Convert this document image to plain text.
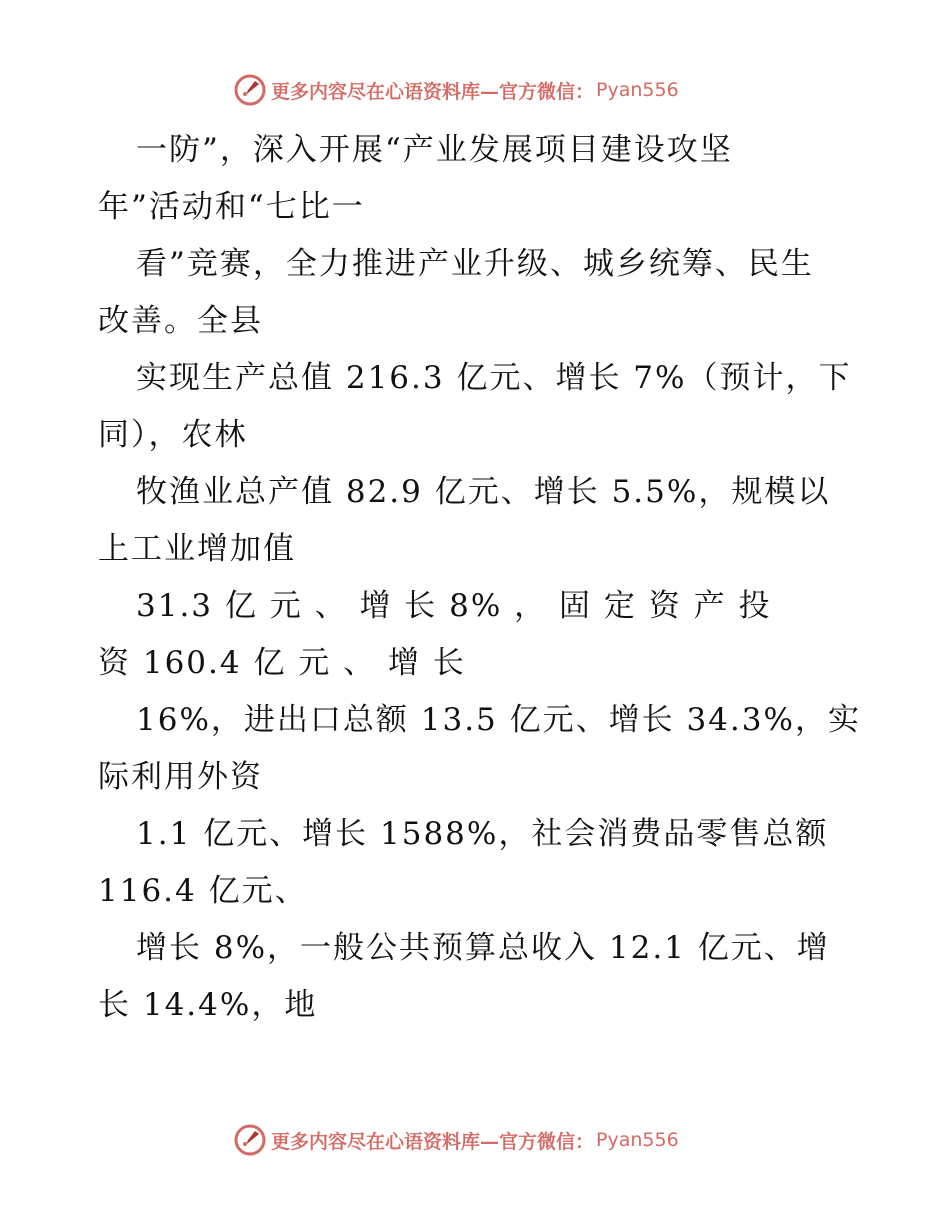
更多内容尽在心语资料库—官方微信： Pyan556
一防”，深入开展“产业发展项目建设攻坚
年”活动和“七比一
看”竞赛，全力推进产业升级、城乡统筹、民生
改善。全县
实现生产总值 216.3 亿元、增长 7%（预计，下
同），农林
牧渔业总产值 82.9 亿元、增长 5.5%，规模以
上工业增加值
31.3 亿 元 、 增 长 8% ， 固 定 资 产 投
资 160.4 亿 元 、 增 长
16%，进出口总额 13.5 亿元、增长 34.3%，实
际利用外资
1.1 亿元、增长 1588%，社会消费品零售总额
116.4 亿元、
增长 8%，一般公共预算总收入 12.1 亿元、增
长 14.4%，地
更多内容尽在心语资料库—官方微信： Pyan556
